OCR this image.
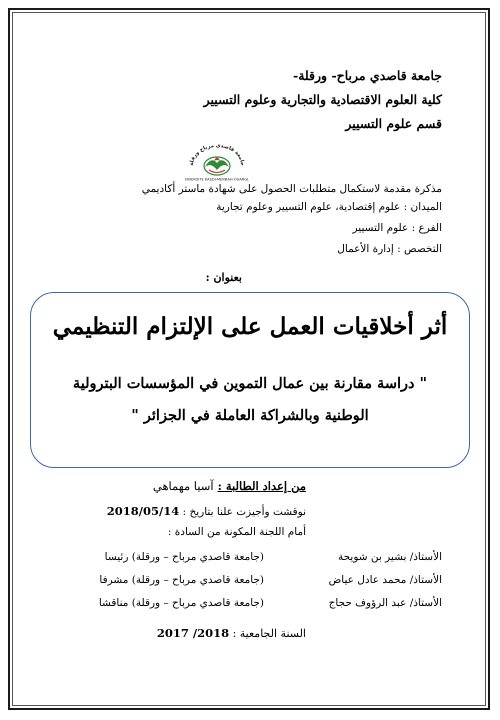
جامعة قاصدي مرباح- ورقلة-
كلية العلوم الاقتصادية والتجارية وعلوم التسيير
قسم علوم التسيير
جامعة قاصدي مرباح ورقلة
UNIVERSITE KASDI-MERBAH-OUARGLA
مذكرة مقدمة لاستكمال متطلبات الحصول على شهادة ماستر أكاديمي
الميدان : علوم إقتصادية، علوم التسيير وعلوم تجارية
الفرع : علوم التسيير
التخصص : إدارة الأعمال
بعنوان :
أثر أخلاقيات العمل على الإلتزام التنظيمي
" دراسة مقارنة بين عمال التموين في المؤسسات البترولية
الوطنية وبالشراكة العاملة في الجزائر "
من إعداد الطالبة : آسيا مهماهي
نوقشت وأجيزت علنا بتاريخ : 2018/05/14
أمام اللجنة المكونة من السادة :
الأستاذ/ بشير بن شويحة
(جامعة قاصدي مرباح – ورقلة) رئيسا
الأستاذ/ محمد عادل عياض
(جامعة قاصدي مرباح – ورقلة) مشرفا
الأستاذ/ عبد الرؤوف حجاج
(جامعة قاصدي مرباح – ورقلة) مناقشا
السنة الجامعية : 2018/ 2017
